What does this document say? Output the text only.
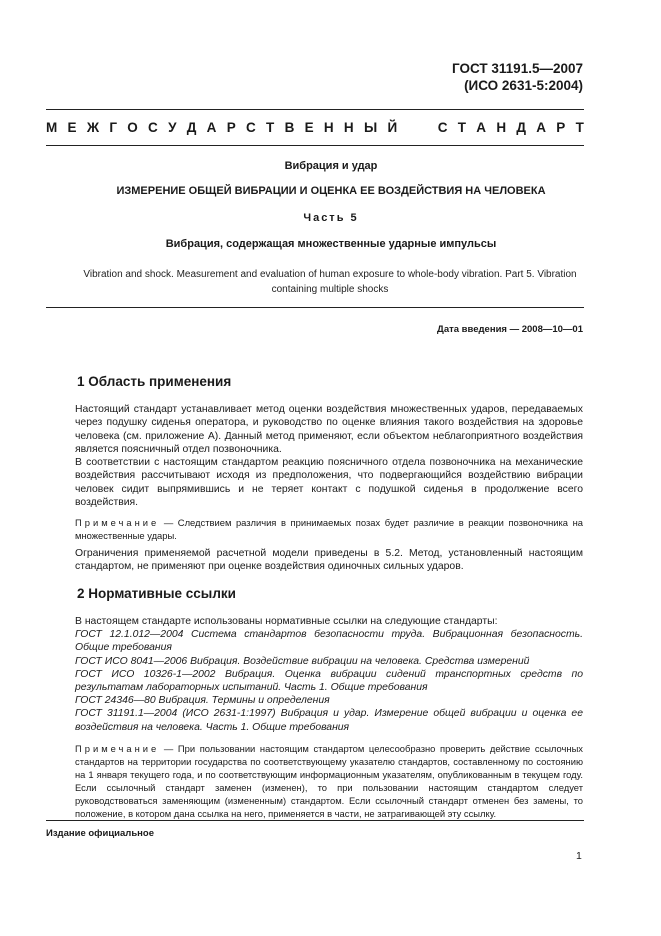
ГОСТ 31191.5—2007
(ИСО 2631-5:2004)
М Е Ж Г О С У Д А Р С Т В Е Н Н Ы Й	С Т А Н Д А Р Т
Вибрация и удар
ИЗМЕРЕНИЕ ОБЩЕЙ ВИБРАЦИИ И ОЦЕНКА ЕЕ ВОЗДЕЙСТВИЯ НА ЧЕЛОВЕКА
Часть 5
Вибрация, содержащая множественные ударные импульсы
Vibration and shock. Measurement and evaluation of human exposure to whole-body vibration. Part 5. Vibration
containing multiple shocks
Дата введения — 2008—10—01
1 Область применения

Настоящий стандарт устанавливает метод оценки воздействия множественных ударов, передаваемых через подушку сиденья оператора, и руководство по оценке влияния такого воздействия на здоровье человека (см. приложение А). Данный метод применяют, если объектом неблагоприятного воздействия является поясничный отдел позвоночника.

В соответствии с настоящим стандартом реакцию поясничного отдела позвоночника на механические воздействия рассчитывают исходя из предположения, что подвергающийся воздействию вибрации человек сидит выпрямившись и не теряет контакт с подушкой сиденья в продолжение всего воздействия.

Примечание — Следствием различия в принимаемых позах будет различие в реакции позвоночника на множественные удары.

Ограничения применяемой расчетной модели приведены в 5.2. Метод, установленный настоящим стандартом, не применяют при оценке воздействия одиночных сильных ударов.

2 Нормативные ссылки
В настоящем стандарте использованы нормативные ссылки на следующие стандарты:
ГОСТ 12.1.012—2004 Система стандартов безопасности труда. Вибрационная безопасность. Общие требования
ГОСТ ИСО 8041—2006 Вибрация. Воздействие вибрации на человека. Средства измерений
ГОСТ ИСО 10326-1—2002 Вибрация. Оценка вибрации сидений транспортных средств по результатам лабораторных испытаний. Часть 1. Общие требования
ГОСТ 24346—80 Вибрация. Термины и определения
ГОСТ 31191.1—2004 (ИСО 2631-1:1997) Вибрация и удар. Измерение общей вибрации и оценка ее воздействия на человека. Часть 1. Общие требования
Примечание — При пользовании настоящим стандартом целесообразно проверить действие ссылочных стандартов на территории государства по соответствующему указателю стандартов, составленному по состоянию на 1 января текущего года, и по соответствующим информационным указателям, опубликованным в текущем году. Если ссылочный стандарт заменен (изменен), то при пользовании настоящим стандартом следует руководствоваться заменяющим (измененным) стандартом. Если ссылочный стандарт отменен без замены, то положение, в котором дана ссылка на него, применяется в части, не затрагивающей эту ссылку.
Издание официальное
1
